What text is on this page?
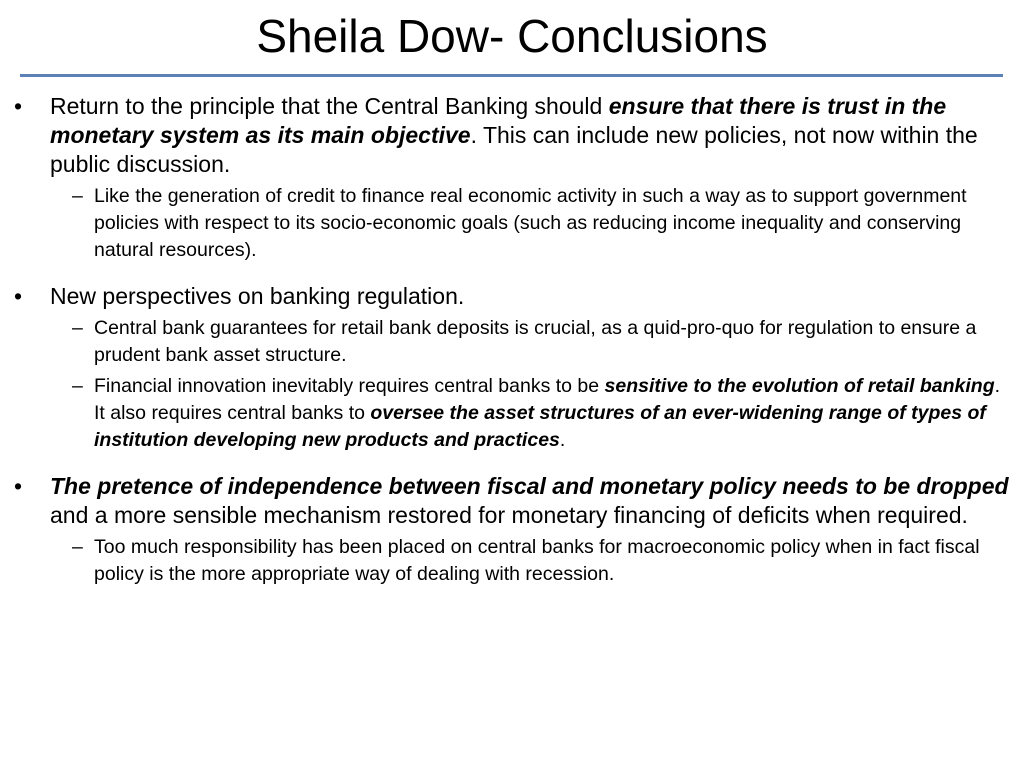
Sheila Dow- Conclusions
•	Return to the principle that the Central Banking should ensure that there is trust in the monetary system as its main objective. This can include new policies, not now within the public discussion.
– Like the generation of credit to finance real economic activity in such a way as to support government policies with respect to its socio-economic goals (such as reducing income inequality and conserving natural resources).
•	New perspectives on banking regulation.
– Central bank guarantees for retail bank deposits is crucial, as a quid-pro-quo for regulation to ensure a prudent bank asset structure.
– Financial innovation inevitably requires central banks to be sensitive to the evolution of retail banking. It also requires central banks to oversee the asset structures of an ever-widening range of types of institution developing new products and practices.
•	The pretence of independence between fiscal and monetary policy needs to be dropped and a more sensible mechanism restored for monetary financing of deficits when required.
– Too much responsibility has been placed on central banks for macroeconomic policy when in fact fiscal policy is the more appropriate way of dealing with recession.
